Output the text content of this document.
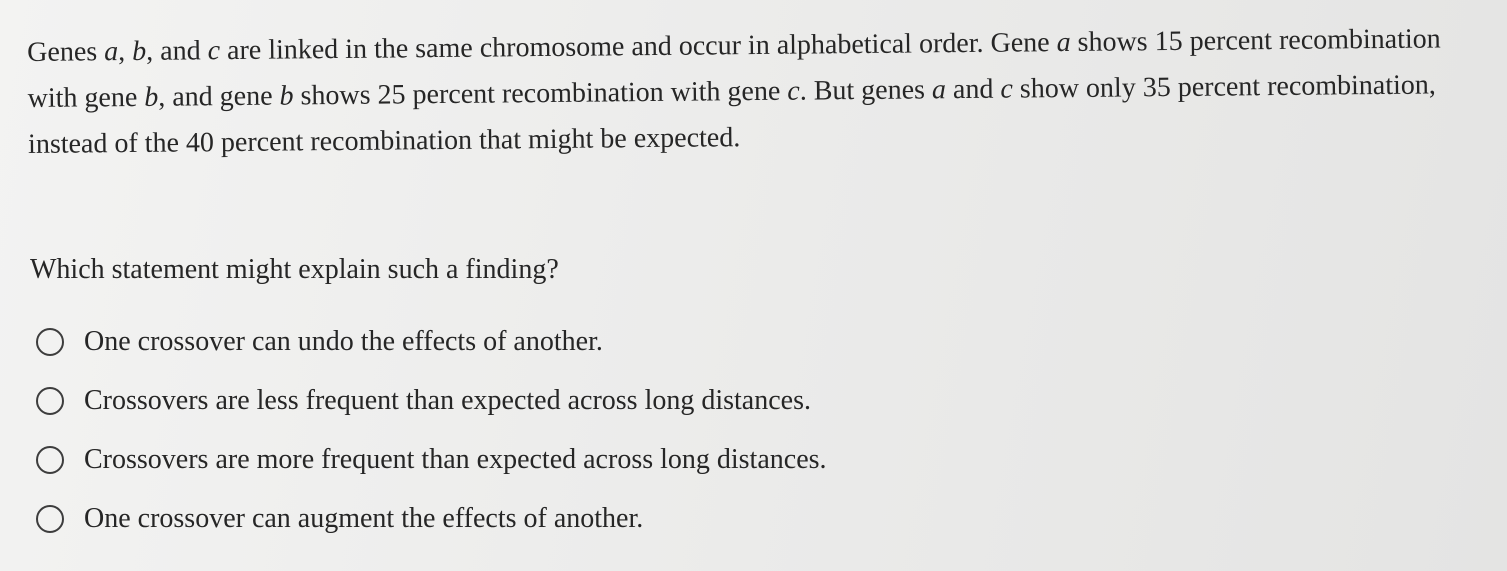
Genes a, b, and c are linked in the same chromosome and occur in alphabetical order. Gene a shows 15 percent recombination with gene b, and gene b shows 25 percent recombination with gene c. But genes a and c show only 35 percent recombination, instead of the 40 percent recombination that might be expected.

Which statement might explain such a finding?

One crossover can undo the effects of another.
Crossovers are less frequent than expected across long distances.
Crossovers are more frequent than expected across long distances.
One crossover can augment the effects of another.
